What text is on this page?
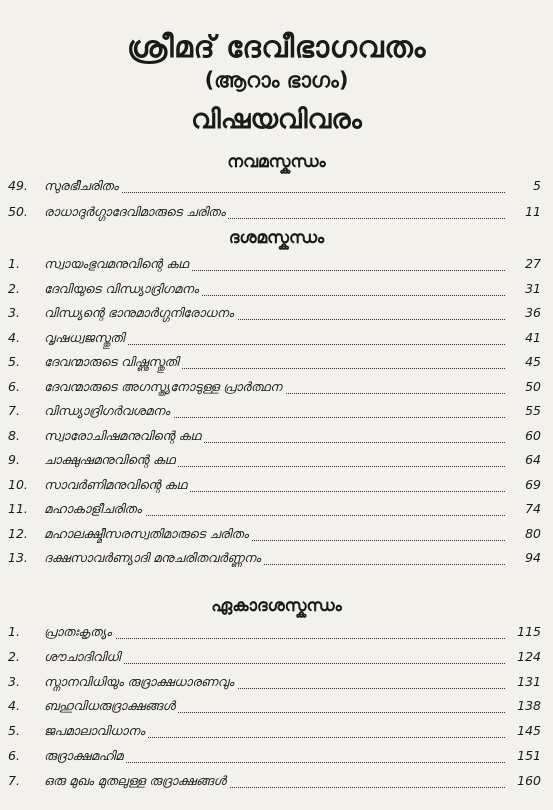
ശ്രീമദ് ദേവീഭാഗവതം
(ആറാം ഭാഗം)
വിഷയവിവരം
നവമസ്കന്ധം
49.	സുരഭീചരിതം	5
50.	രാധാദുർഗ്ഗാദേവിമാരുടെ ചരിതം	11
ദശമസ്കന്ധം
1.	സ്വായംഭുവമനുവിന്റെ കഥ	27
2.	ദേവിയുടെ വിന്ധ്യാദ്രിഗമനം	31
3.	വിന്ധ്യന്റെ ഭാനുമാർഗ്ഗനിരോധനം	36
4.	വൃഷധ്വജസ്തുതി	41
5.	ദേവന്മാരുടെ വിഷ്ണുസ്തുതി	45
6.	ദേവന്മാരുടെ അഗസ്ത്യനോടുള്ള പ്രാർത്ഥന	50
7.	വിന്ധ്യാദ്രിഗർവശമനം	55
8.	സ്വാരോചിഷമനുവിന്റെ കഥ	60
9.	ചാക്ഷുഷമനുവിന്റെ കഥ	64
10.	സാവർണിമനുവിന്റെ കഥ	69
11.	മഹാകാളീചരിതം	74
12.	മഹാലക്ഷ്മീസരസ്വതിമാരുടെ ചരിതം	80
13.	ദക്ഷസാവർണ്യാദി മനുചരിതവർണ്ണനം	94
ഏകാദശസ്കന്ധം
1.	പ്രാതഃകൃത്യം	115
2.	ശൗചാദിവിധി	124
3.	സ്നാനവിധിയും രുദ്രാക്ഷധാരണവും	131
4.	ബഹുവിധരുദ്രാക്ഷങ്ങൾ	138
5.	ജപമാലാവിധാനം	145
6.	രുദ്രാക്ഷമഹിമ	151
7.	ഒരു മുഖം മുതലുള്ള രുദ്രാക്ഷങ്ങൾ	160
